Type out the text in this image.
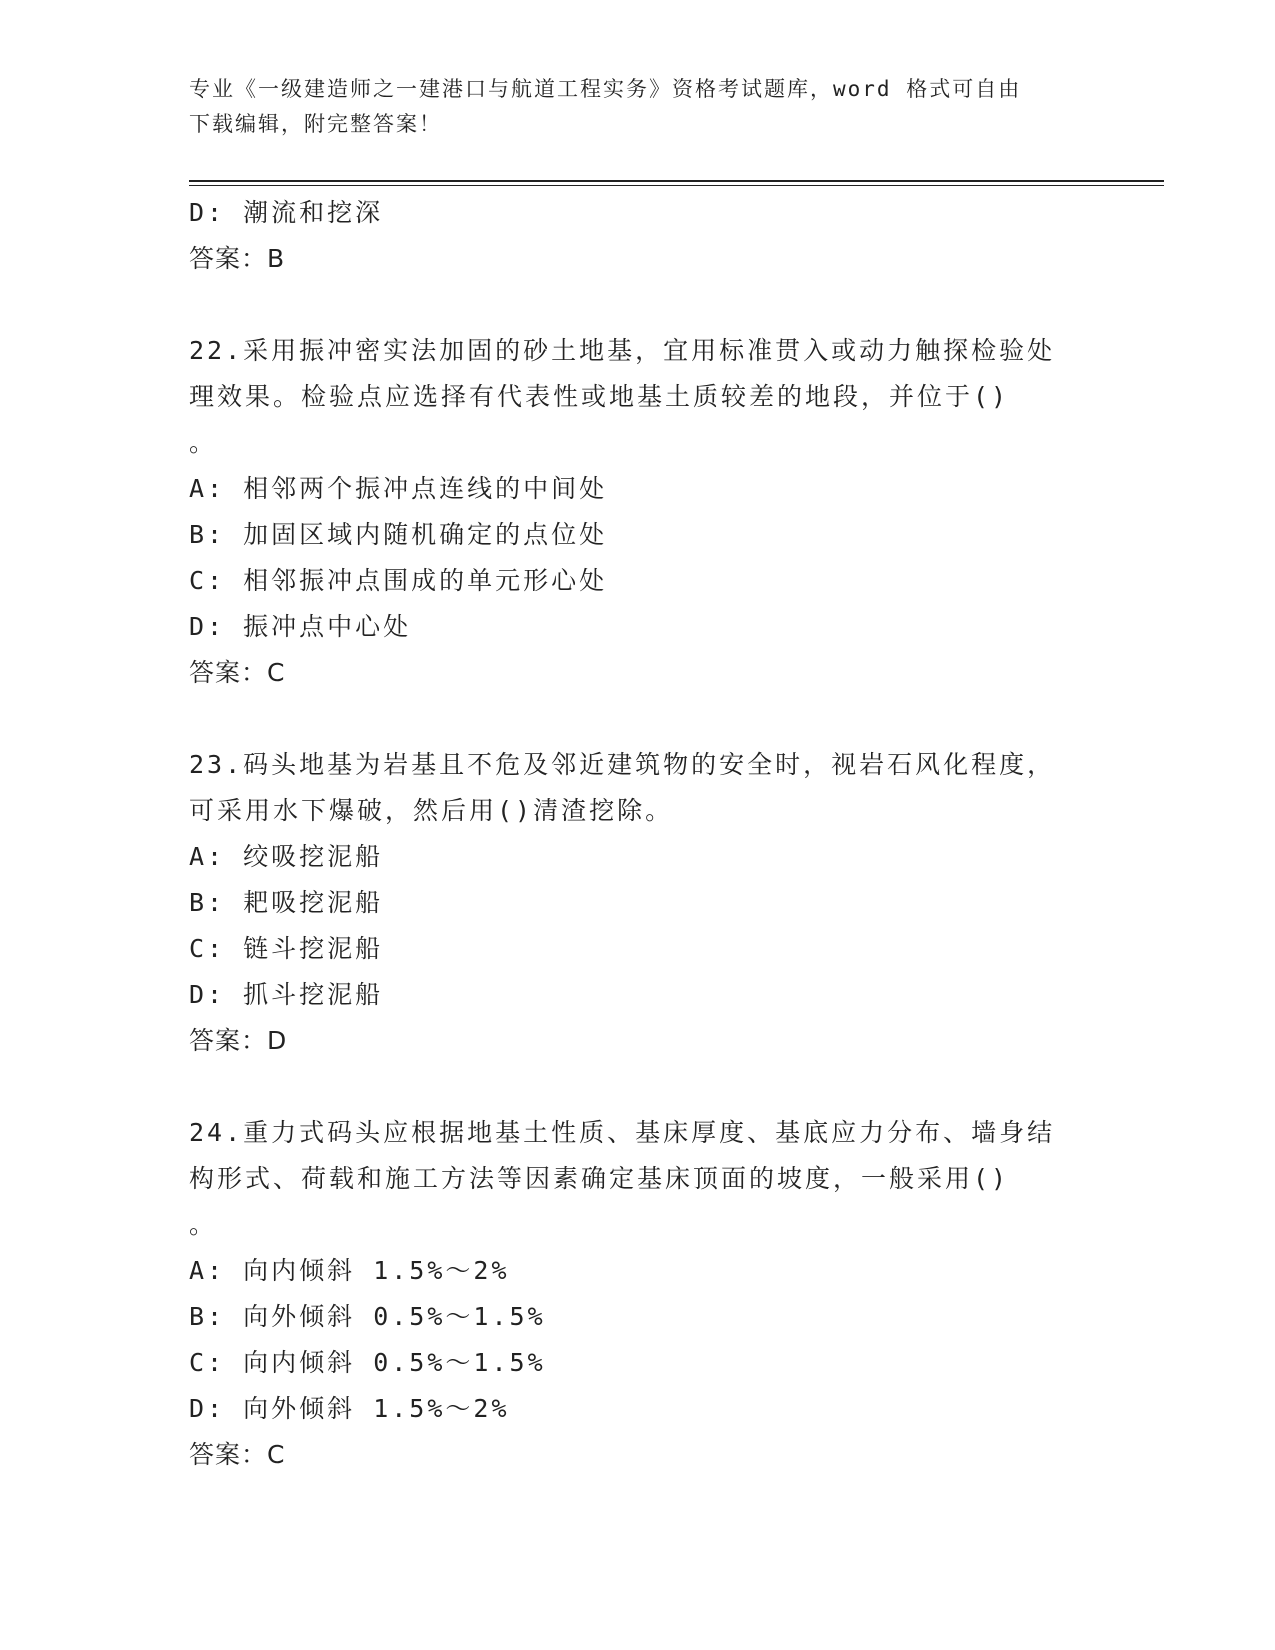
专业《一级建造师之一建港口与航道工程实务》资格考试题库，word 格式可自由
下载编辑，附完整答案！
D: 潮流和挖深
答案：B
22.采用振冲密实法加固的砂土地基，宜用标准贯入或动力触探检验处
理效果。检验点应选择有代表性或地基土质较差的地段，并位于()
。
A: 相邻两个振冲点连线的中间处
B: 加固区域内随机确定的点位处
C: 相邻振冲点围成的单元形心处
D: 振冲点中心处
答案：C
23.码头地基为岩基且不危及邻近建筑物的安全时，视岩石风化程度，
可采用水下爆破，然后用()清渣挖除。
A: 绞吸挖泥船
B: 耙吸挖泥船
C: 链斗挖泥船
D: 抓斗挖泥船
答案：D
24.重力式码头应根据地基土性质、基床厚度、基底应力分布、墙身结
构形式、荷载和施工方法等因素确定基床顶面的坡度，一般采用()
。
A: 向内倾斜 1.5%～2%
B: 向外倾斜 0.5%～1.5%
C: 向内倾斜 0.5%～1.5%
D: 向外倾斜 1.5%～2%
答案：C
